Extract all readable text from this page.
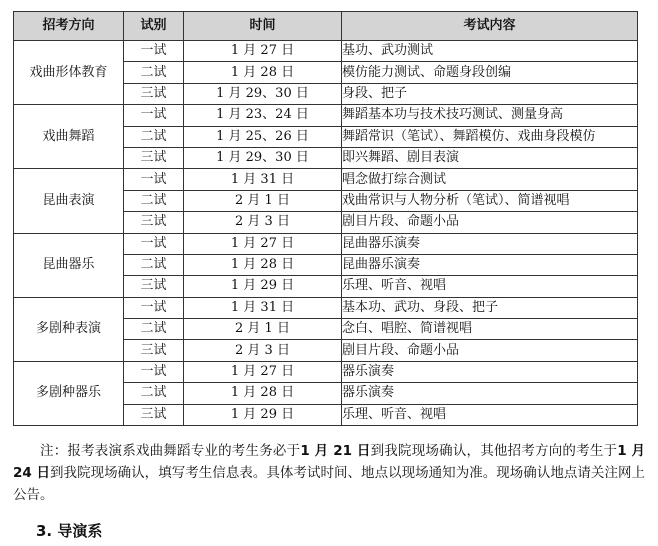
招考方向	试别	时间	考试内容
戏曲形体教育	一试	1 月 27 日	基功、武功测试
	二试	1 月 28 日	模仿能力测试、命题身段创编
	三试	1 月 29、30 日	身段、把子
戏曲舞蹈	一试	1 月 23、24 日	舞蹈基本功与技术技巧测试、测量身高
	二试	1 月 25、26 日	舞蹈常识（笔试）、舞蹈模仿、戏曲身段模仿
	三试	1 月 29、30 日	即兴舞蹈、剧目表演
昆曲表演	一试	1 月 31 日	唱念做打综合测试
	二试	2 月 1 日	戏曲常识与人物分析（笔试）、简谱视唱
	三试	2 月 3 日	剧目片段、命题小品
昆曲器乐	一试	1 月 27 日	昆曲器乐演奏
	二试	1 月 28 日	昆曲器乐演奏
	三试	1 月 29 日	乐理、听音、视唱
多剧种表演	一试	1 月 31 日	基本功、武功、身段、把子
	二试	2 月 1 日	念白、唱腔、简谱视唱
	三试	2 月 3 日	剧目片段、命题小品
多剧种器乐	一试	1 月 27 日	器乐演奏
	二试	1 月 28 日	器乐演奏
	三试	1 月 29 日	乐理、听音、视唱

注：报考表演系戏曲舞蹈专业的考生务必于1 月 21 日到我院现场确认，其他招考方向的考生于1 月 24 日到我院现场确认，填写考生信息表。具体考试时间、地点以现场通知为准。现场确认地点请关注网上公告。

3. 导演系
